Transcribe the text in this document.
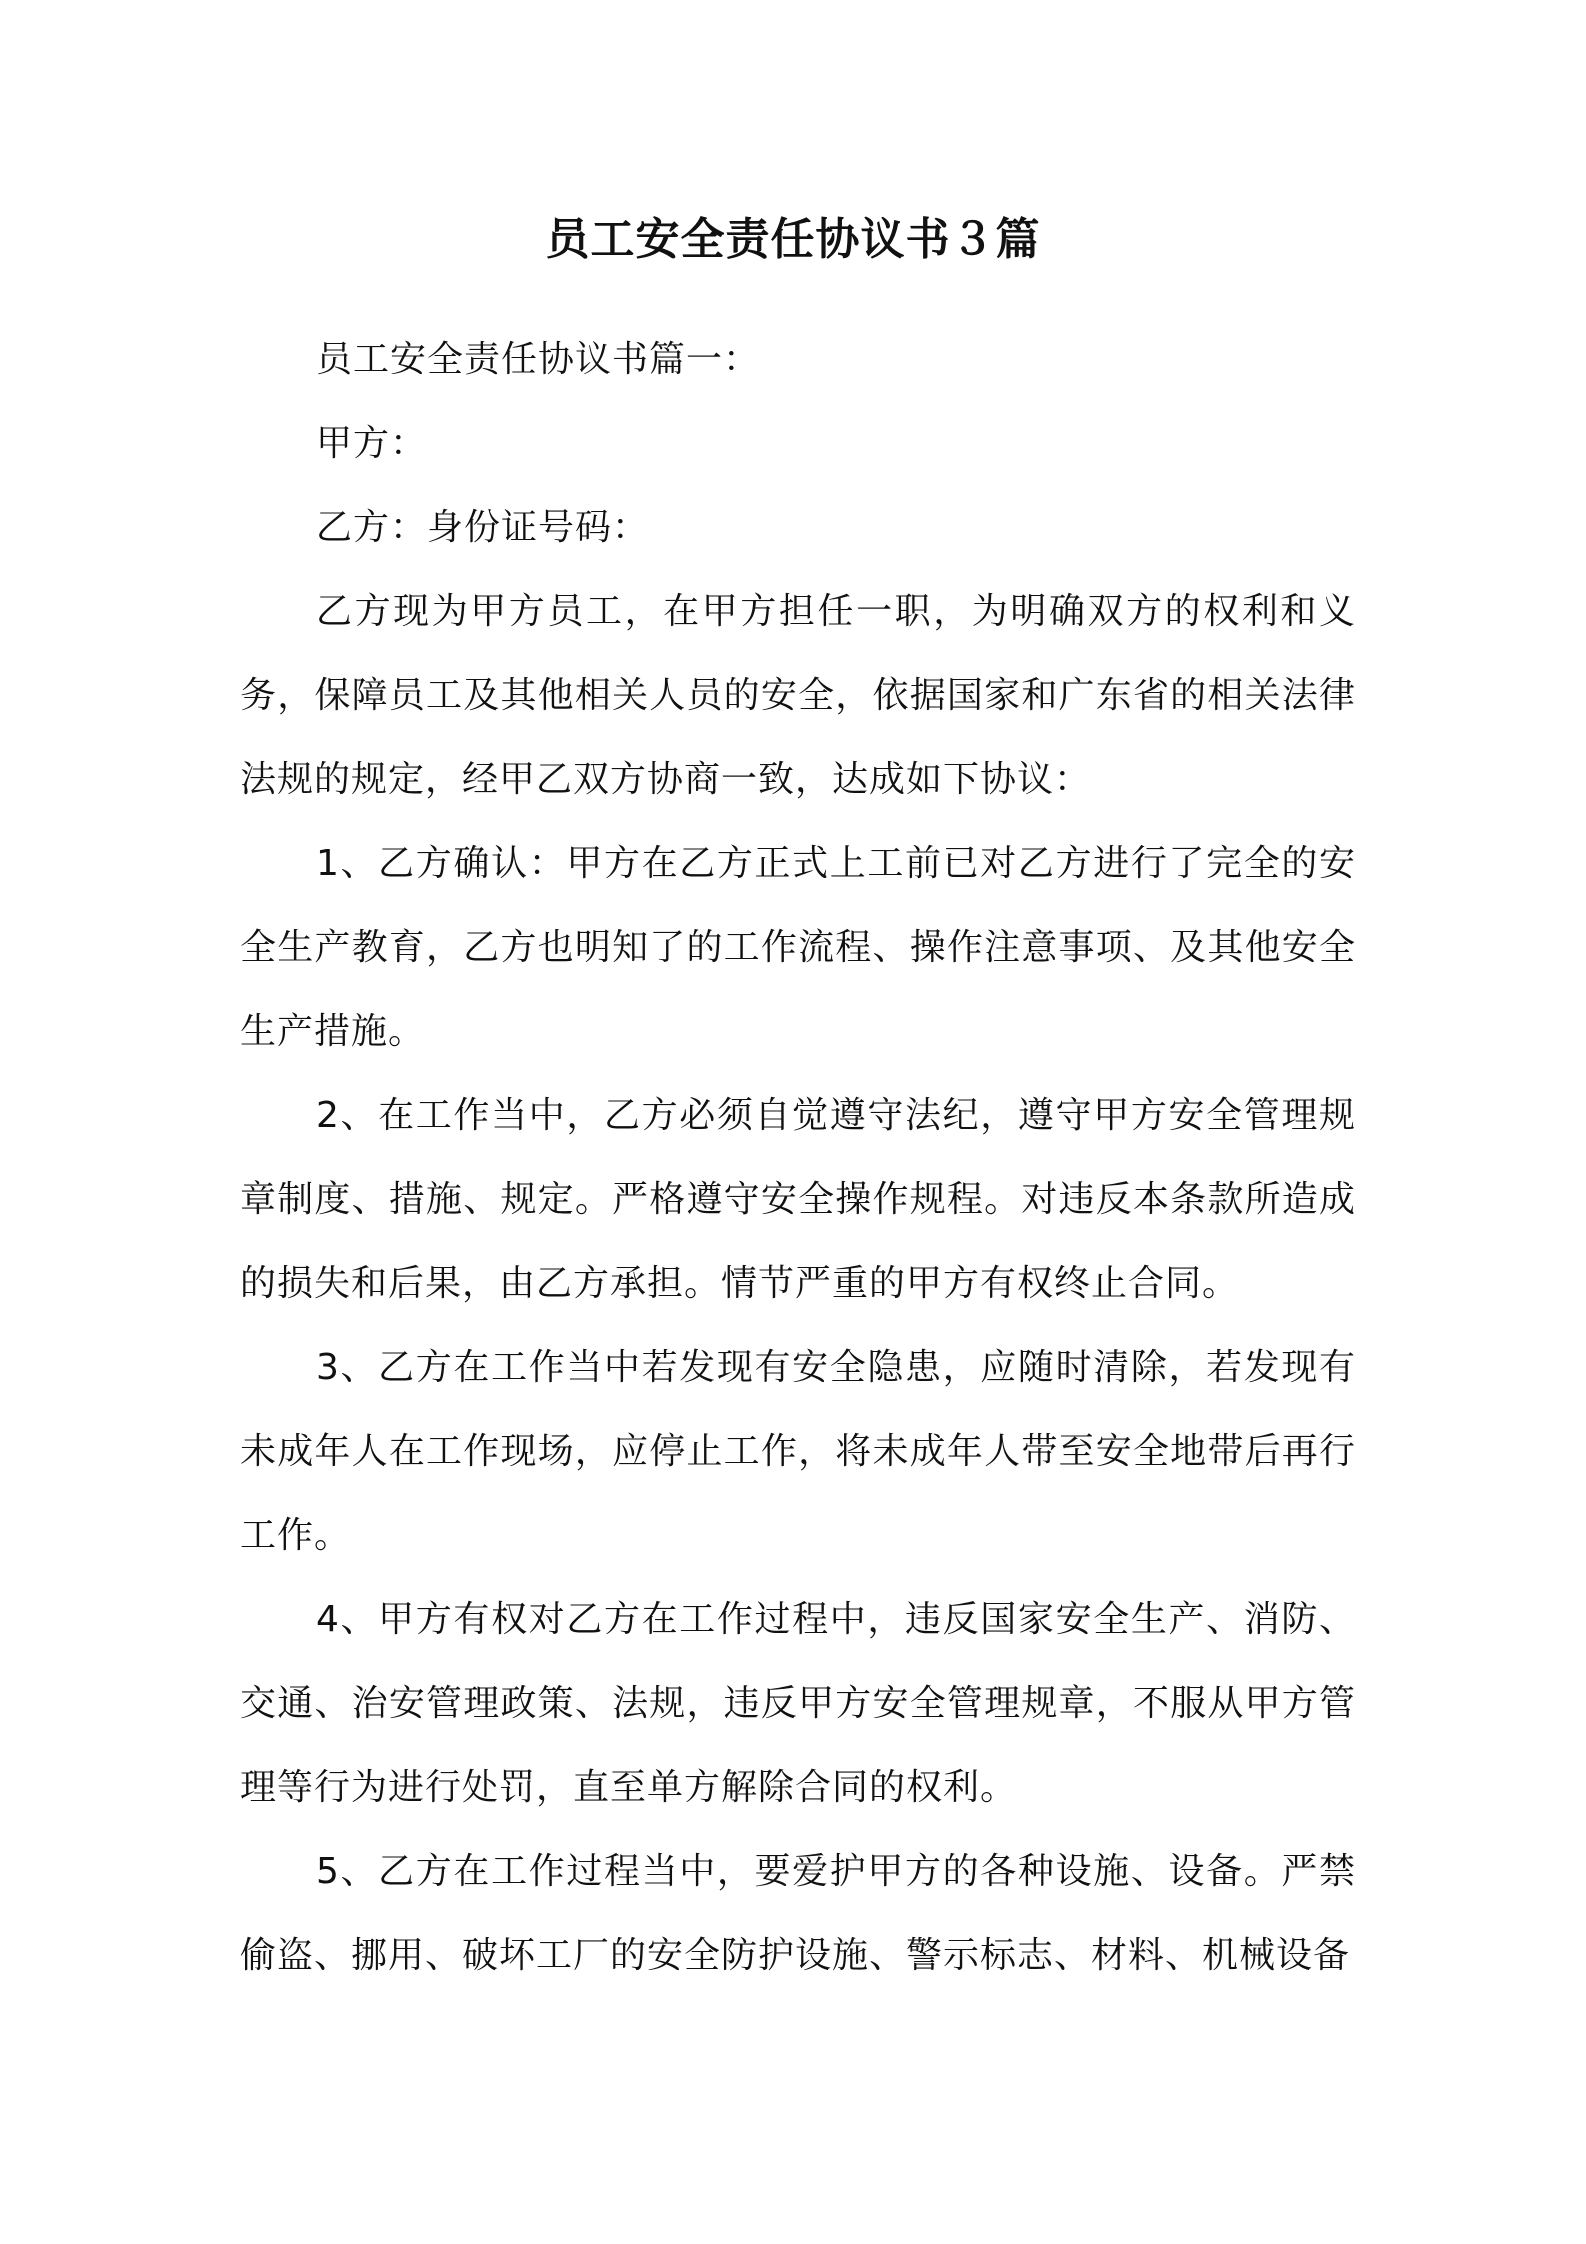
员工安全责任协议书３篇

员工安全责任协议书篇一：

甲方：

乙方：身份证号码：

乙方现为甲方员工，在甲方担任一职，为明确双方的权利和义务，保障员工及其他相关人员的安全，依据国家和广东省的相关法律法规的规定，经甲乙双方协商一致，达成如下协议：

1、乙方确认：甲方在乙方正式上工前已对乙方进行了完全的安全生产教育，乙方也明知了的工作流程、操作注意事项、及其他安全生产措施。

2、在工作当中，乙方必须自觉遵守法纪，遵守甲方安全管理规章制度、措施、规定。严格遵守安全操作规程。对违反本条款所造成的损失和后果，由乙方承担。情节严重的甲方有权终止合同。

3、乙方在工作当中若发现有安全隐患，应随时清除，若发现有未成年人在工作现场，应停止工作，将未成年人带至安全地带后再行工作。

4、甲方有权对乙方在工作过程中，违反国家安全生产、消防、交通、治安管理政策、法规，违反甲方安全管理规章，不服从甲方管理等行为进行处罚，直至单方解除合同的权利。

5、乙方在工作过程当中，要爱护甲方的各种设施、设备。严禁偷盗、挪用、破坏工厂的安全防护设施、警示标志、材料、机械设备
